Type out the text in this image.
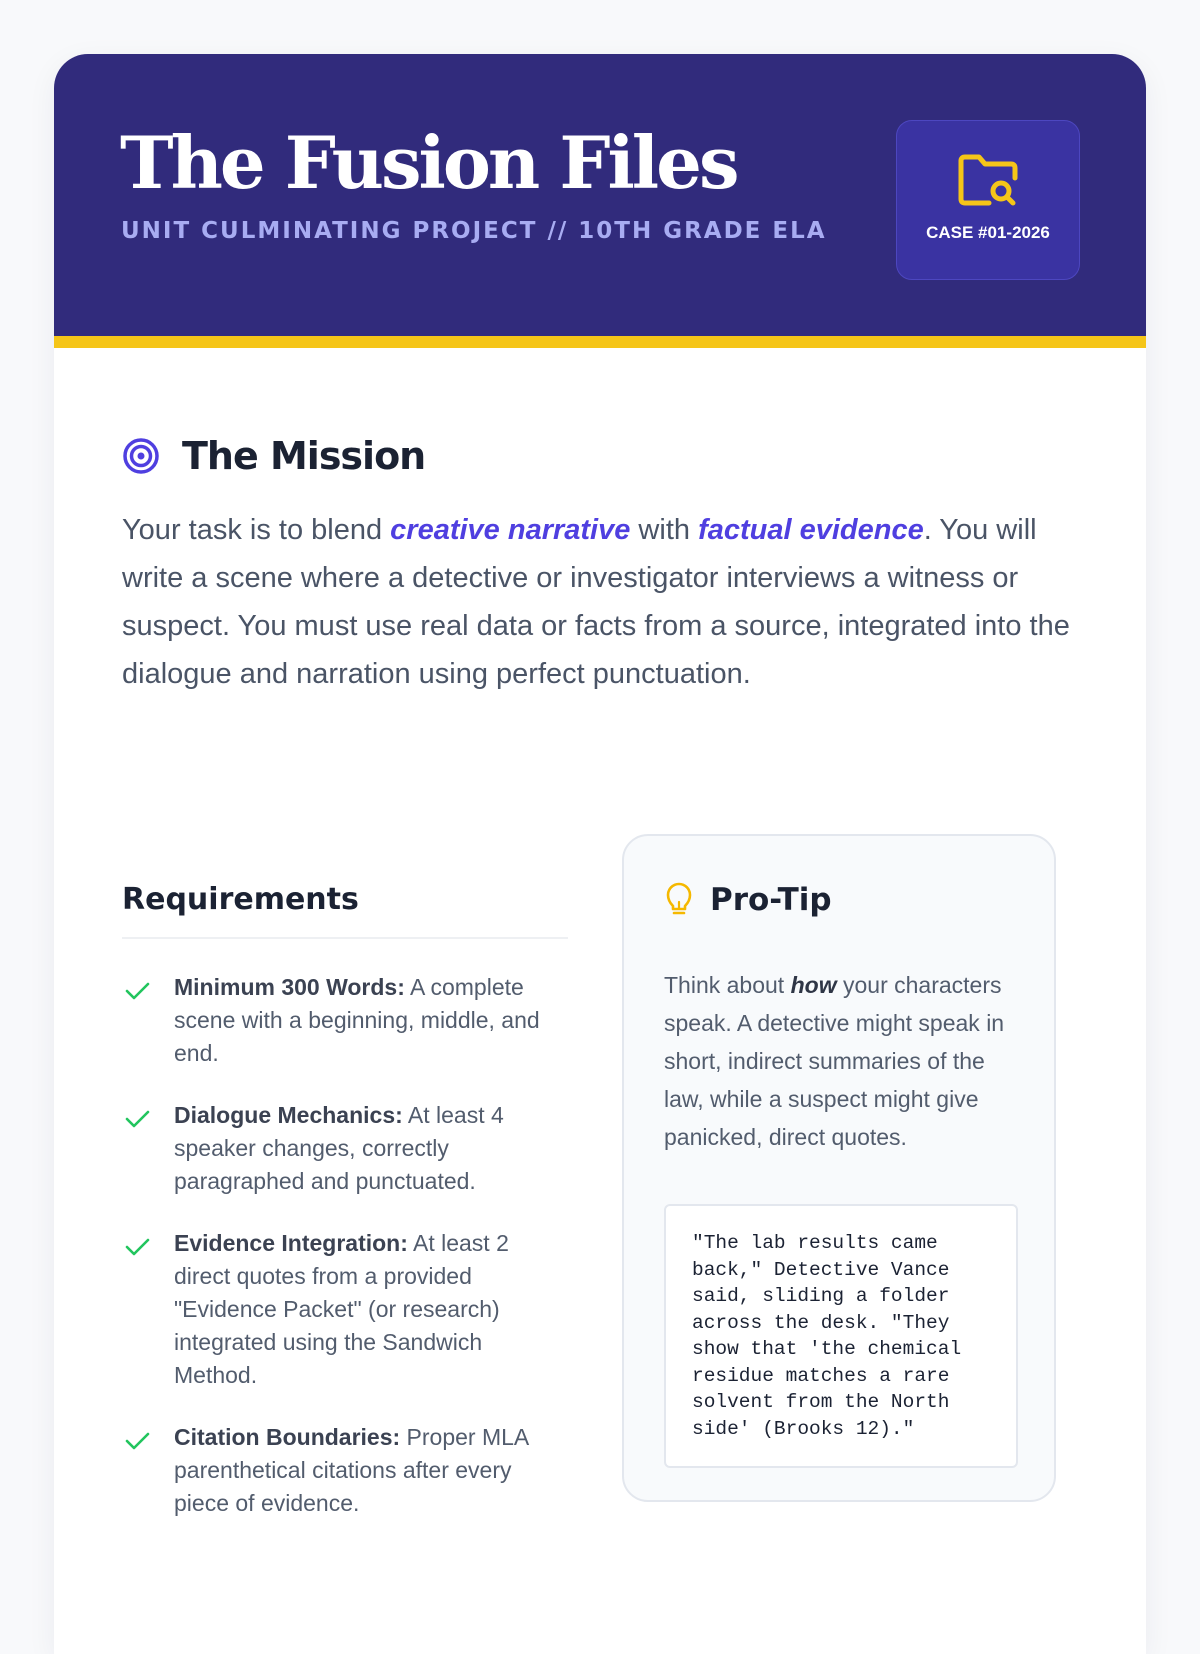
The Fusion Files
UNIT CULMINATING PROJECT // 10TH GRADE ELA	CASE #01-2026
The Mission

Your task is to blend creative narrative with factual evidence. You will write a scene where a detective or investigator interviews a witness or suspect. You must use real data or facts from a source, integrated into the dialogue and narration using perfect punctuation.

Requirements
Minimum 300 Words: A complete scene with a beginning, middle, and end.
Dialogue Mechanics: At least 4 speaker changes, correctly paragraphed and punctuated.
Evidence Integration: At least 2 direct quotes from a provided "Evidence Packet" (or research) integrated using the Sandwich Method.
Citation Boundaries: Proper MLA parenthetical citations after every piece of evidence.
Pro-Tip

Think about how your characters speak. A detective might speak in short, indirect summaries of the law, while a suspect might give panicked, direct quotes.

"The lab results came back," Detective Vance said, sliding a folder across the desk. "They show that 'the chemical residue matches a rare solvent from the North side' (Brooks 12)."
